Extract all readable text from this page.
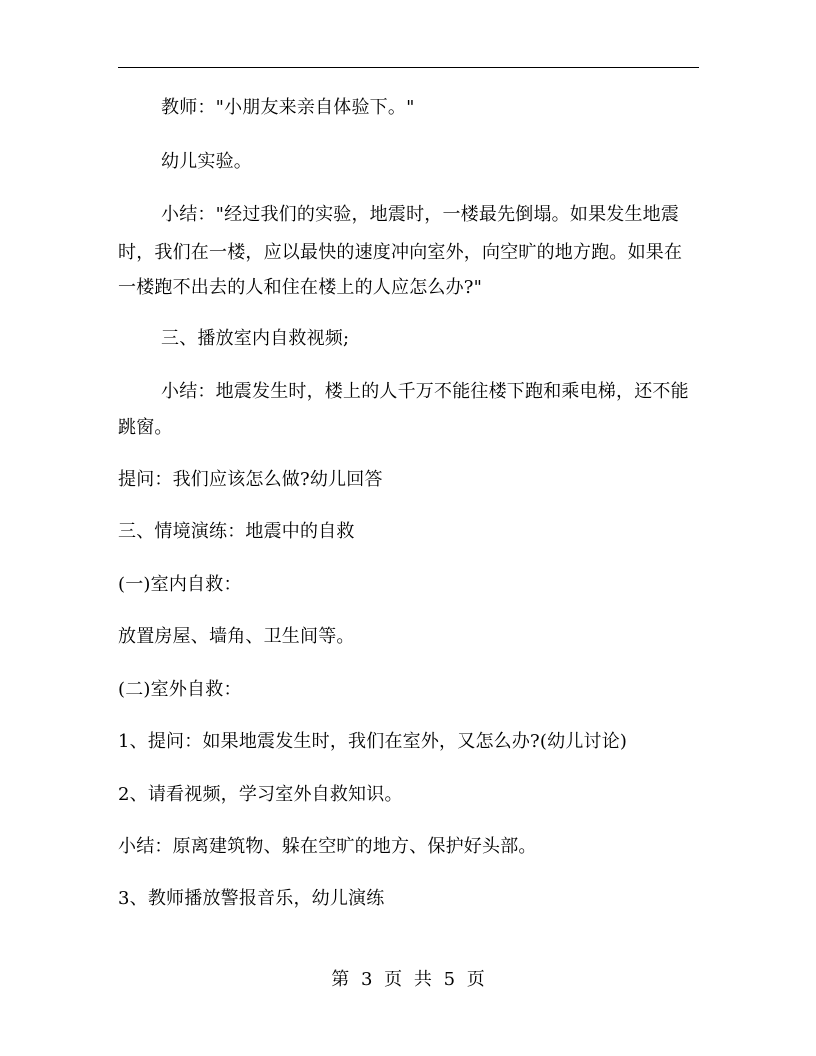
教师："小朋友来亲自体验下。"
幼儿实验。
小结："经过我们的实验，地震时，一楼最先倒塌。如果发生地震
时，我们在一楼，应以最快的速度冲向室外，向空旷的地方跑。如果在
一楼跑不出去的人和住在楼上的人应怎么办?"
三、播放室内自救视频;
小结：地震发生时，楼上的人千万不能往楼下跑和乘电梯，还不能
跳窗。
提问：我们应该怎么做?幼儿回答
三、情境演练：地震中的自救
(一)室内自救：
放置房屋、墙角、卫生间等。
(二)室外自救：
1、提问：如果地震发生时，我们在室外，又怎么办?(幼儿讨论)
2、请看视频，学习室外自救知识。
小结：原离建筑物、躲在空旷的地方、保护好头部。
3、教师播放警报音乐，幼儿演练
第 3 页 共 5 页
